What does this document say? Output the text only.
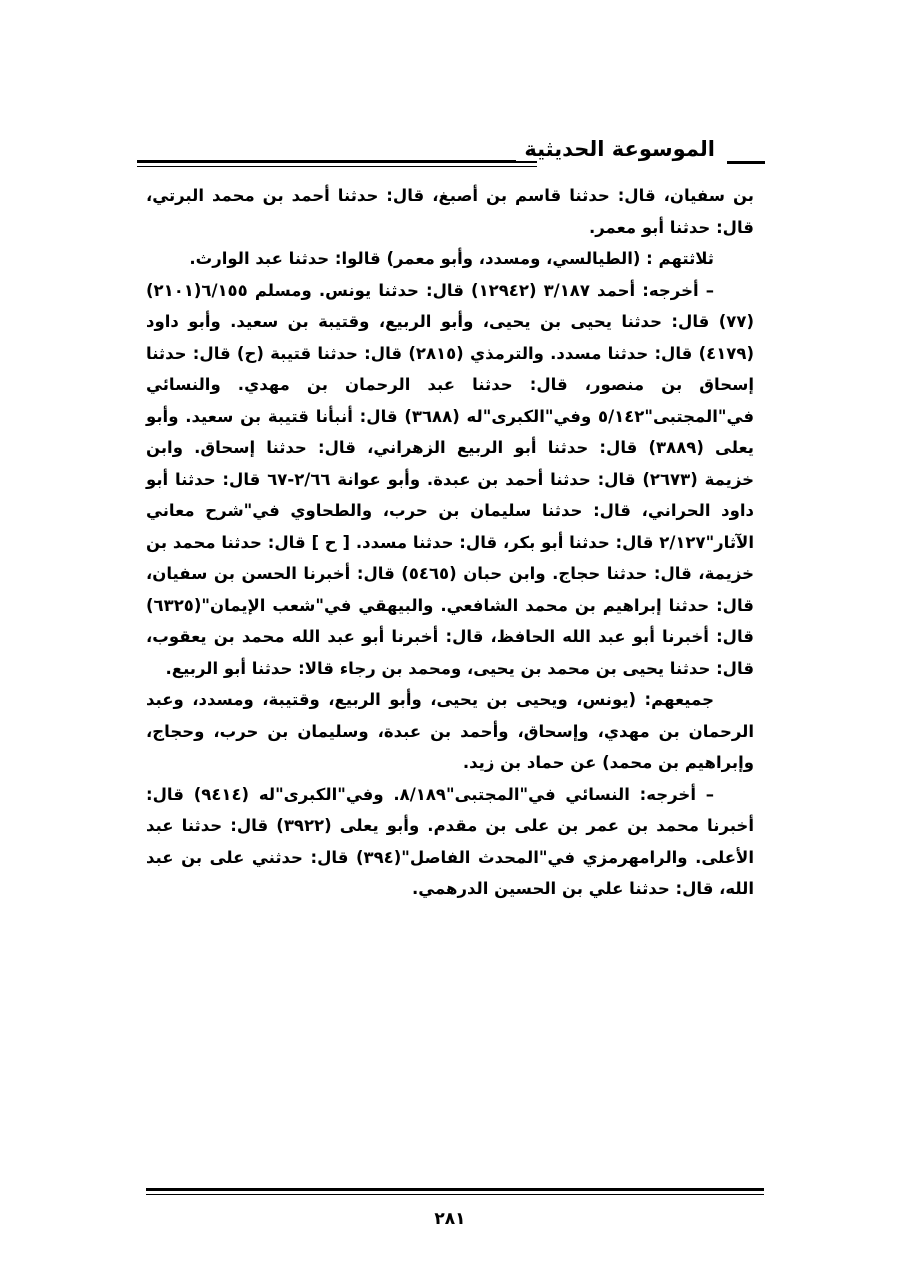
الموسوعة الحديثية

بن سفيان، قال: حدثنا قاسم بن أصبغ، قال: حدثنا أحمد بن محمد البرتي، قال: حدثنا أبو معمر.

ثلاثتهم : (الطيالسي، ومسدد، وأبو معمر) قالوا: حدثنا عبد الوارث.

– أخرجه: أحمد ٣/١٨٧ (١٢٩٤٢) قال: حدثنا يونس. ومسلم ٦/١٥٥(٢١٠١) (٧٧) قال: حدثنا يحيى بن يحيى، وأبو الربيع، وقتيبة بن سعيد. وأبو داود (٤١٧٩) قال: حدثنا مسدد. والترمذي (٢٨١٥) قال: حدثنا قتيبة (ح) قال: حدثنا إسحاق بن منصور، قال: حدثنا عبد الرحمان بن مهدي. والنسائي في"المجتبى"٥/١٤٢ وفي"الكبرى"له (٣٦٨٨) قال: أنبأنا قتيبة بن سعيد. وأبو يعلى (٣٨٨٩) قال: حدثنا أبو الربيع الزهراني، قال: حدثنا إسحاق. وابن خزيمة (٢٦٧٣) قال: حدثنا أحمد بن عبدة. وأبو عوانة ٢/٦٦-٦٧ قال: حدثنا أبو داود الحراني، قال: حدثنا سليمان بن حرب، والطحاوي في"شرح معاني الآثار"٢/١٢٧ قال: حدثنا أبو بكر، قال: حدثنا مسدد. [ ح ] قال: حدثنا محمد بن خزيمة، قال: حدثنا حجاج. وابن حبان (٥٤٦٥) قال: أخبرنا الحسن بن سفيان، قال: حدثنا إبراهيم بن محمد الشافعي. والبيهقي في"شعب الإيمان"(٦٣٢٥) قال: أخبرنا أبو عبد الله الحافظ، قال: أخبرنا أبو عبد الله محمد بن يعقوب، قال: حدثنا يحيى بن محمد بن يحيى، ومحمد بن رجاء قالا: حدثنا أبو الربيع.

جميعهم: (يونس، ويحيى بن يحيى، وأبو الربيع، وقتيبة، ومسدد، وعبد الرحمان بن مهدي، وإسحاق، وأحمد بن عبدة، وسليمان بن حرب، وحجاج، وإبراهيم بن محمد) عن حماد بن زيد.

– أخرجه: النسائي في"المجتبى"٨/١٨٩. وفي"الكبرى"له (٩٤١٤) قال: أخبرنا محمد بن عمر بن على بن مقدم. وأبو يعلى (٣٩٢٢) قال: حدثنا عبد الأعلى. والرامهرمزي في"المحدث الفاصل"(٣٩٤) قال: حدثني على بن عبد الله، قال: حدثنا علي بن الحسين الدرهمي.

٢٨١
